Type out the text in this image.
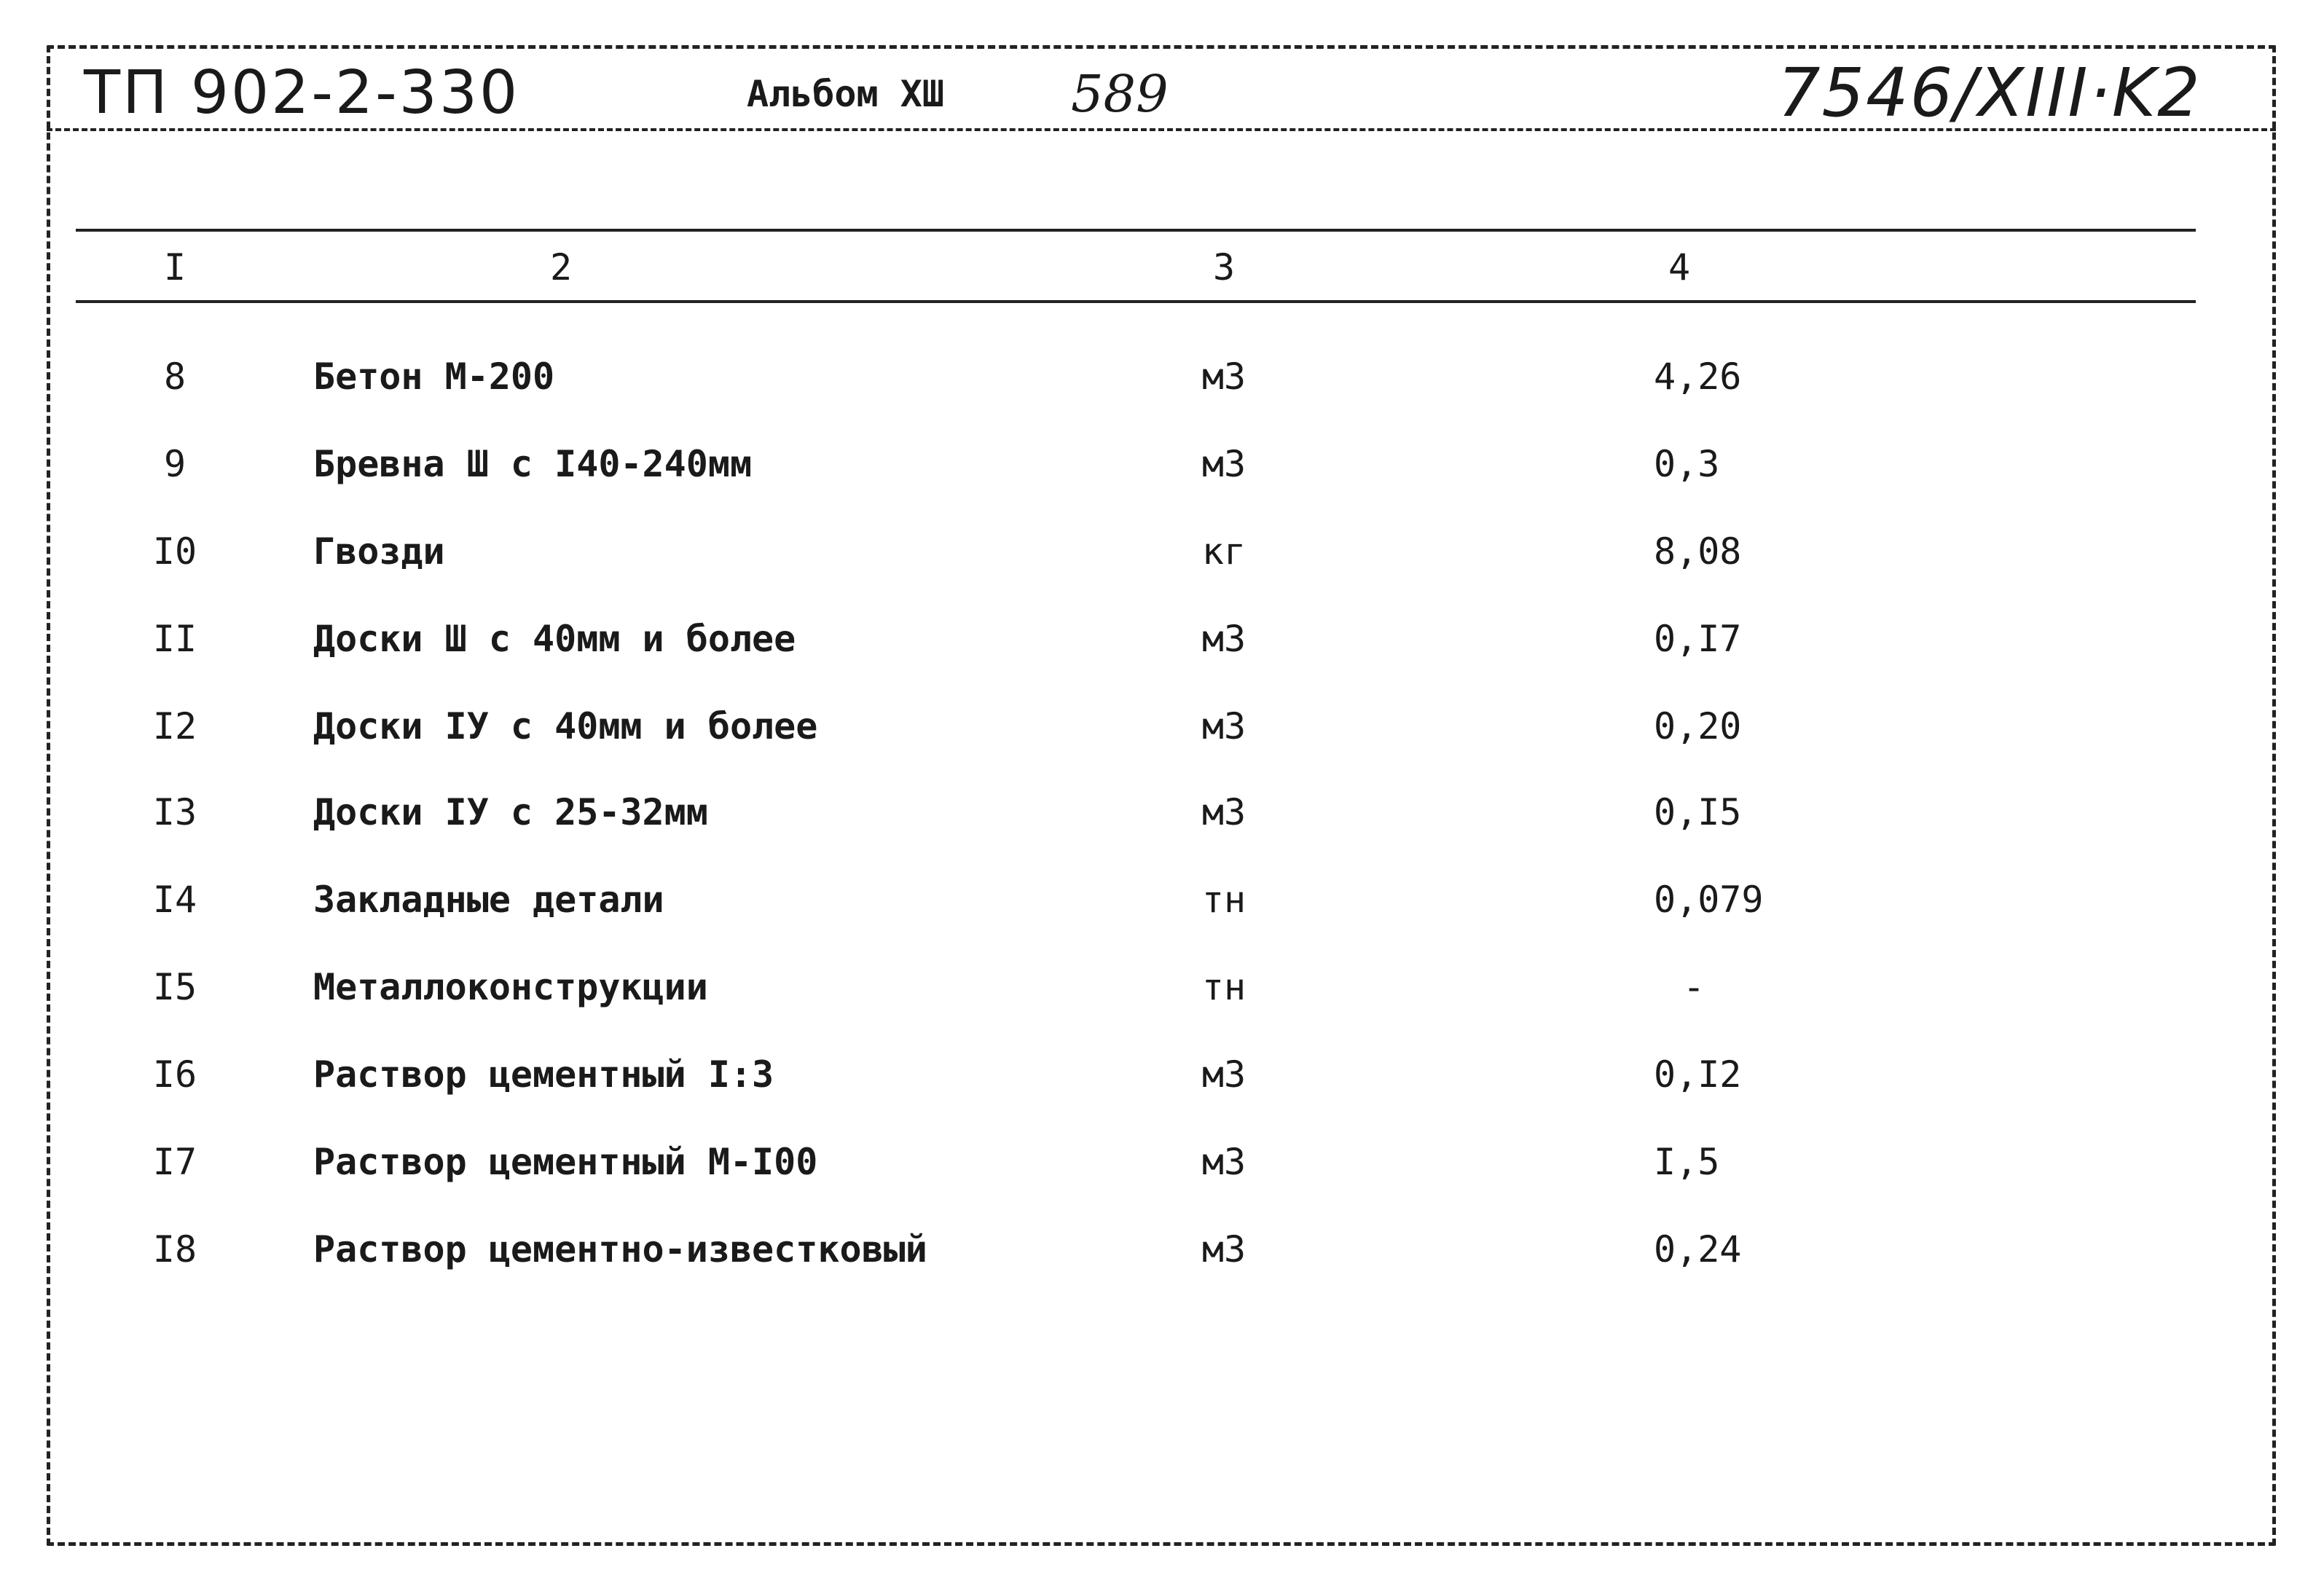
ТП 902-2-330	Альбом XШ 589	7546/XIII·K2
I	2	3	4
8	Бетон М-200	м3	4,26
9	Бревна Ш с I40-240мм	м3	0,3
I0	Гвозди	кг	8,08
II	Доски Ш с 40мм и более	м3	0,I7
I2	Доски IУ с 40мм и более	м3	0,20
I3	Доски IУ с 25-32мм	м3	0,I5
I4	Закладные детали	тн	0,079
I5	Металлоконструкции	тн	-
I6	Раствор цементный I:3	м3	0,I2
I7	Раствор цементный М-I00	м3	I,5
I8	Раствор цементно-известковый	м3	0,24
